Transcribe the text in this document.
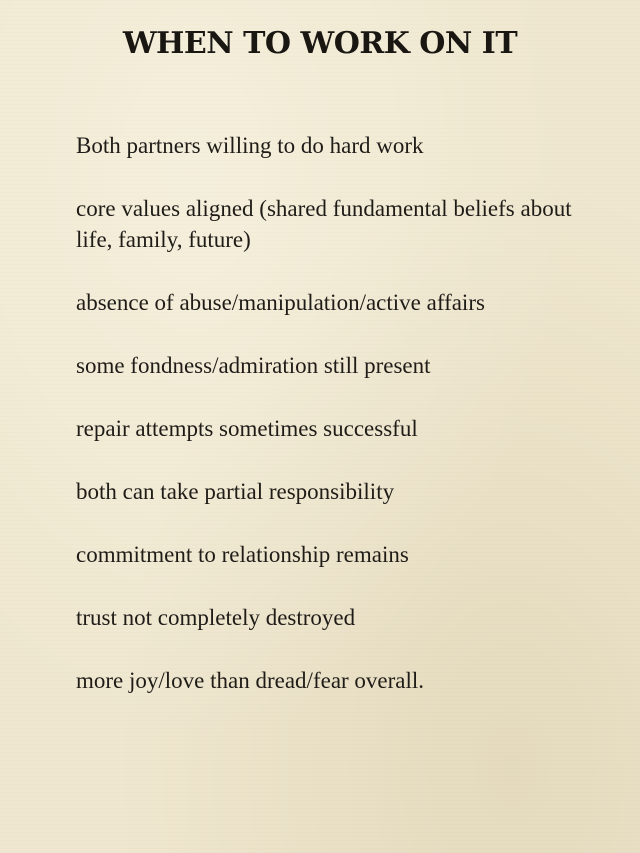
WHEN TO WORK ON IT
Both partners willing to do hard work
core values aligned (shared fundamental beliefs about life, family, future)
absence of abuse/manipulation/active affairs
some fondness/admiration still present
repair attempts sometimes successful
both can take partial responsibility
commitment to relationship remains
trust not completely destroyed
more joy/love than dread/fear overall.
